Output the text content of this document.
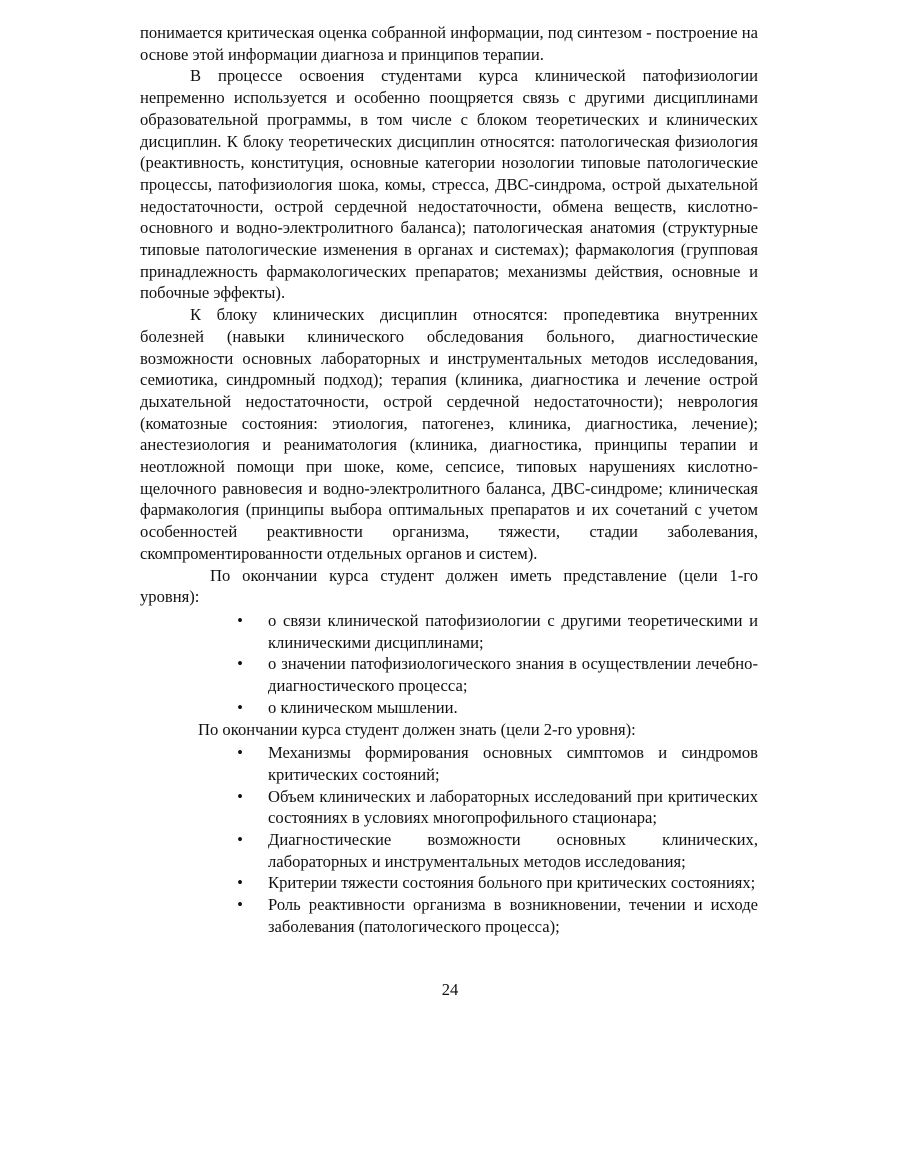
понимается критическая оценка собранной информации, под синтезом - построение на основе этой информации диагноза и принципов терапии.

В процессе освоения студентами курса клинической патофизиологии непременно используется и особенно поощряется связь с другими дисциплинами образовательной программы, в том числе с блоком теоретических и клинических дисциплин. К блоку теоретических дисциплин относятся: патологическая физиология (реактивность, конституция, основные категории нозологии типовые патологические процессы, патофизиология шока, комы, стресса, ДВС-синдрома, острой дыхательной недостаточности, острой сердечной недостаточности, обмена веществ, кислотно-основного и водно-электролитного баланса); патологическая анатомия (структурные типовые патологические изменения в органах и системах); фармакология (групповая принадлежность фармакологических препаратов; механизмы действия, основные и побочные эффекты).

К блоку клинических дисциплин относятся: пропедевтика внутренних болезней (навыки клинического обследования больного, диагностические возможности основных лабораторных и инструментальных методов исследования, семиотика, синдромный подход); терапия (клиника, диагностика и лечение острой дыхательной недостаточности, острой сердечной недостаточности); неврология (коматозные состояния: этиология, патогенез, клиника, диагностика, лечение); анестезиология и реаниматология (клиника, диагностика, принципы терапии и неотложной помощи при шоке, коме, сепсисе, типовых нарушениях кислотно-щелочного равновесия и водно-электролитного баланса, ДВС-синдроме; клиническая фармакология (принципы выбора оптимальных препаратов и их сочетаний с учетом особенностей реактивности организма, тяжести, стадии заболевания, скомпроментированности отдельных органов и систем).

По окончании курса студент должен иметь представление (цели 1-го уровня):

•	о связи клинической патофизиологии с другими теоретическими и клиническими дисциплинами;
•	о значении патофизиологического знания в осуществлении лечебно-диагностического процесса;
•	о клиническом мышлении.

По окончании курса студент должен знать (цели 2-го уровня):

•	Механизмы формирования основных симптомов и синдромов критических состояний;
•	Объем клинических и лабораторных исследований при критических состояниях в условиях многопрофильного стационара;
•	Диагностические возможности основных клинических, лабораторных и инструментальных методов исследования;
•	Критерии тяжести состояния больного при критических состояниях;
•	Роль реактивности организма в возникновении, течении и исходе заболевания (патологического процесса);
24
